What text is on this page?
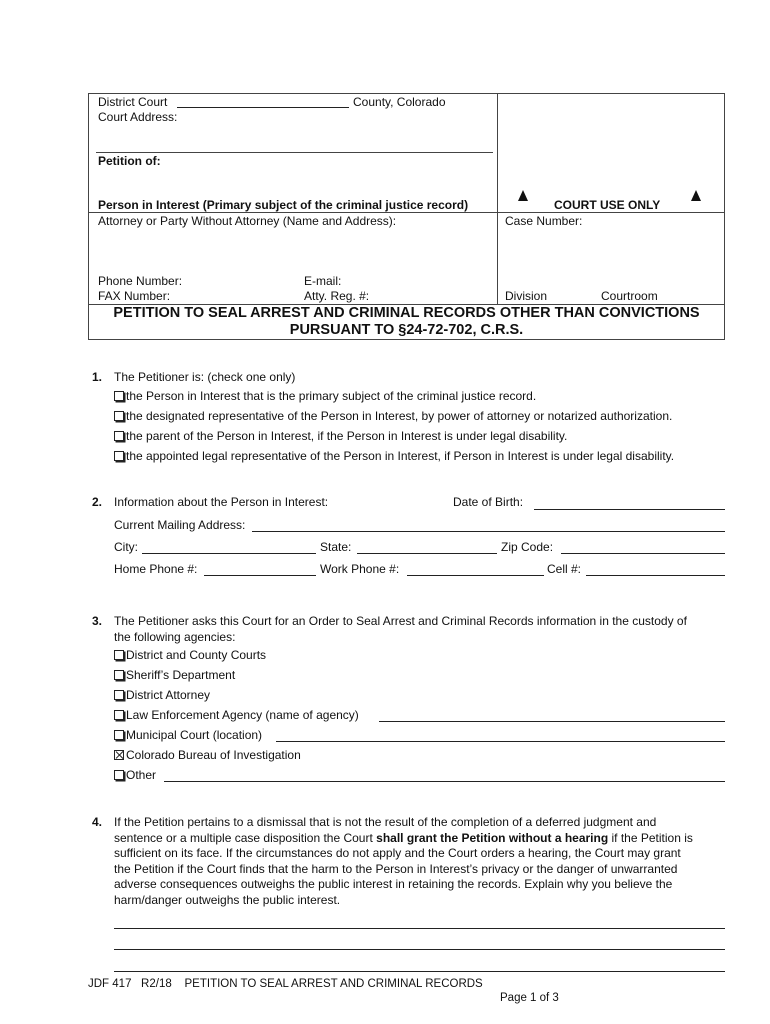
District Court	County, Colorado
Court Address:
Petition of:
Person in Interest (Primary subject of the criminal justice record)
Attorney or Party Without Attorney (Name and Address):
Phone Number:	E-mail:
FAX Number:	Atty. Reg. #:
COURT USE ONLY
Case Number:
Division	Courtroom
PETITION TO SEAL ARREST AND CRIMINAL RECORDS OTHER THAN CONVICTIONS
PURSUANT TO §24-72-702, C.R.S.
1. The Petitioner is: (check one only)
the Person in Interest that is the primary subject of the criminal justice record.
the designated representative of the Person in Interest, by power of attorney or notarized authorization.
the parent of the Person in Interest, if the Person in Interest is under legal disability.
the appointed legal representative of the Person in Interest, if Person in Interest is under legal disability.
2. Information about the Person in Interest:	Date of Birth:
Current Mailing Address:
City:	State:	Zip Code:
Home Phone #:	Work Phone #:	Cell #:
3. The Petitioner asks this Court for an Order to Seal Arrest and Criminal Records information in the custody of
the following agencies:
District and County Courts
Sheriff’s Department
District Attorney
Law Enforcement Agency (name of agency)
Municipal Court (location)
Colorado Bureau of Investigation
Other
4. If the Petition pertains to a dismissal that is not the result of the completion of a deferred judgment and
sentence or a multiple case disposition the Court shall grant the Petition without a hearing if the Petition is
sufficient on its face. If the circumstances do not apply and the Court orders a hearing, the Court may grant
the Petition if the Court finds that the harm to the Person in Interest’s privacy or the danger of unwarranted
adverse consequences outweighs the public interest in retaining the records. Explain why you believe the
harm/danger outweighs the public interest.
JDF 417   R2/18    PETITION TO SEAL ARREST AND CRIMINAL RECORDS
Page 1 of 3
